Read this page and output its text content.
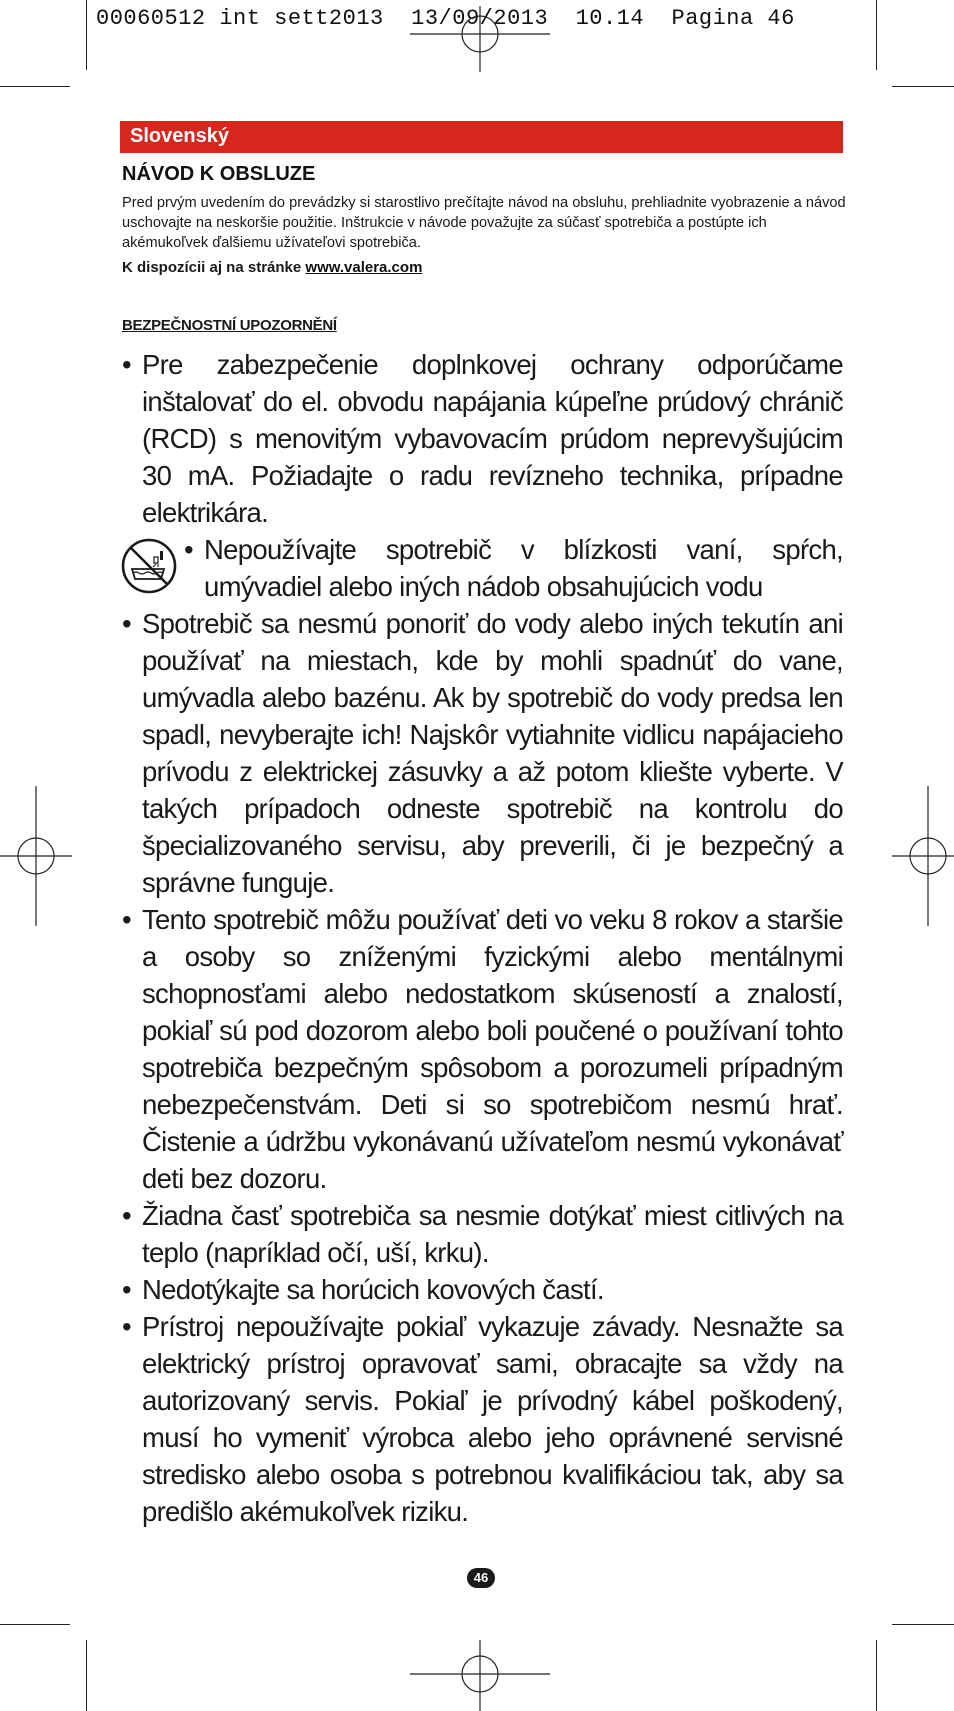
00060512 int sett2013  13/09/2013  10.14  Pagina 46
Slovenský
NÁVOD K OBSLUZE
Pred prvým uvedením do prevádzky si starostlivo prečítajte návod na obsluhu, prehliadnite vyobrazenie a návod uschovajte na neskoršie použitie. Inštrukcie v návode považujte za súčasť spotrebiča a postúpte ich akémukoľvek ďalšiemu užívateľovi spotrebiča.
K dispozícii aj na stránke www.valera.com
BEZPEČNOSTNÍ UPOZORNĚNÍ
• Pre zabezpečenie doplnkovej ochrany odporúčame inštalovať do el. obvodu napájania kúpeľne prúdový chránič (RCD) s menovitým vybavovacím prúdom neprevyšujúcim 30 mA. Požiadajte o radu revízneho technika, prípadne elektrikára.
• Nepoužívajte spotrebič v blízkosti vaní, spŕch, umývadiel alebo iných nádob obsahujúcich vodu
• Spotrebič sa nesmú ponoriť do vody alebo iných tekutín ani používať na miestach, kde by mohli spadnúť do vane, umývadla alebo bazénu. Ak by spotrebič do vody predsa len spadl, nevyberajte ich! Najskôr vytiahnite vidlicu napájacieho prívodu z elektrickej zásuvky a až potom kliešte vyberte. V takých prípadoch odneste spotrebič na kontrolu do špecializovaného servisu, aby preverili, či je bezpečný a správne funguje.
• Tento spotrebič môžu používať deti vo veku 8 rokov a staršie a osoby so zníženými fyzickými alebo mentálnymi schopnosťami alebo nedostatkom skúseností a znalostí, pokiaľ sú pod dozorom alebo boli poučené o používaní tohto spotrebiča bezpečným spôsobom a porozumeli prípadným nebezpečenstvám. Deti si so spotrebičom nesmú hrať. Čistenie a údržbu vykonávanú užívateľom nesmú vykonávať deti bez dozoru.
• Žiadna časť spotrebiča sa nesmie dotýkať miest citlivých na teplo (napríklad očí, uší, krku).
• Nedotýkajte sa horúcich kovových častí.
• Prístroj nepoužívajte pokiaľ vykazuje závady. Nesnažte sa elektrický prístroj opravovať sami, obracajte sa vždy na autorizovaný servis. Pokiaľ je prívodný kábel poškodený, musí ho vymeniť výrobca alebo jeho oprávnené servisné stredisko alebo osoba s potrebnou kvalifikáciou tak, aby sa predišlo akémukoľvek riziku.
46
